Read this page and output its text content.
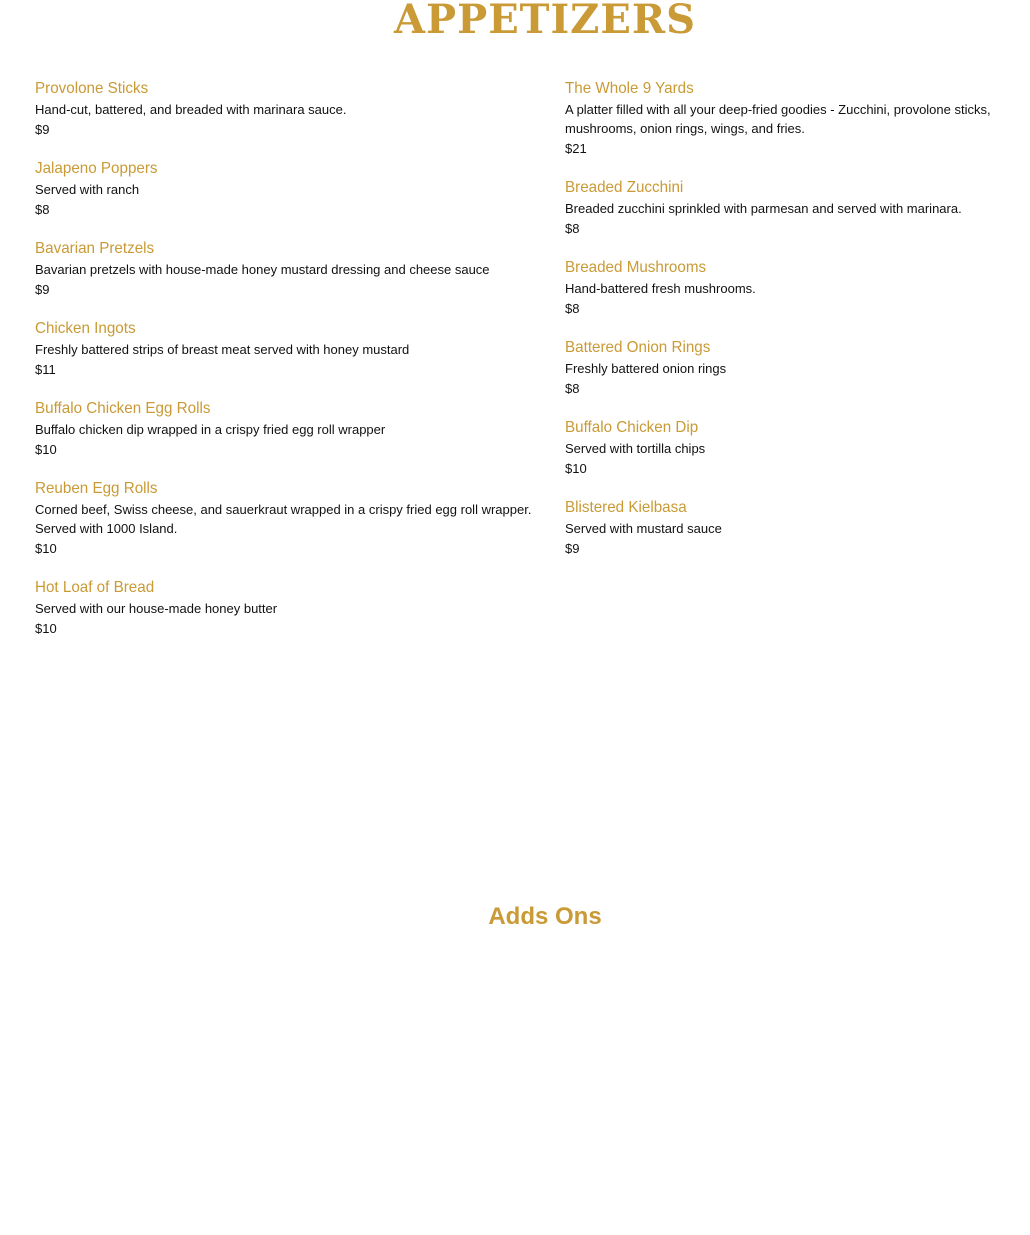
APPETIZERS
Provolone Sticks
Hand-cut, battered, and breaded with marinara sauce.
$9
Jalapeno Poppers
Served with ranch
$8
Bavarian Pretzels
Bavarian pretzels with house-made honey mustard dressing and cheese sauce
$9
Chicken Ingots
Freshly battered strips of breast meat served with honey mustard
$11
Buffalo Chicken Egg Rolls
Buffalo chicken dip wrapped in a crispy fried egg roll wrapper
$10
Reuben Egg Rolls
Corned beef, Swiss cheese, and sauerkraut wrapped in a crispy fried egg roll wrapper. Served with 1000 Island.
$10
Hot Loaf of Bread
Served with our house-made honey butter
$10
The Whole 9 Yards
A platter filled with all your deep-fried goodies - Zucchini, provolone sticks, mushrooms, onion rings, wings, and fries.
$21
Breaded Zucchini
Breaded zucchini sprinkled with parmesan and served with marinara.
$8
Breaded Mushrooms
Hand-battered fresh mushrooms.
$8
Battered Onion Rings
Freshly battered onion rings
$8
Buffalo Chicken Dip
Served with tortilla chips
$10
Blistered Kielbasa
Served with mustard sauce
$9
Adds Ons
